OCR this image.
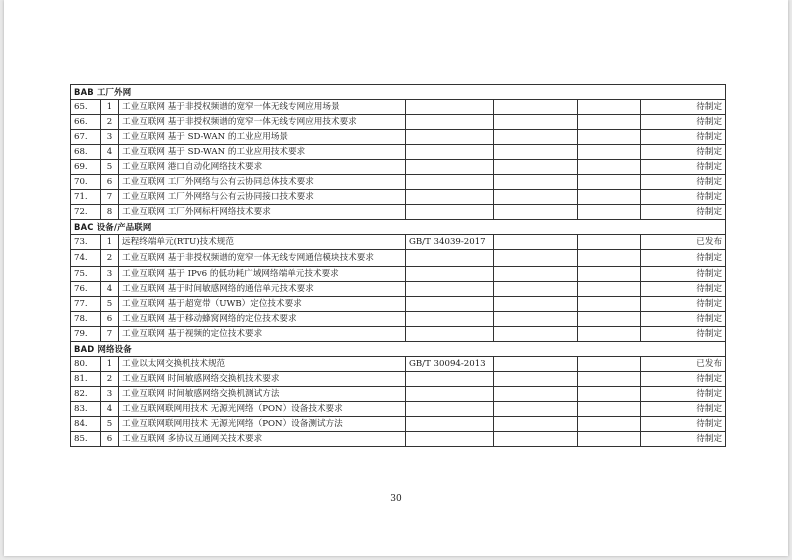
BAB 工厂外网						
65.	1	工业互联网 基于非授权频谱的宽窄一体无线专网应用场景				待制定
66.	2	工业互联网 基于非授权频谱的宽窄一体无线专网应用技术要求				待制定
67.	3	工业互联网 基于 SD-WAN 的工业应用场景				待制定
68.	4	工业互联网 基于 SD-WAN 的工业应用技术要求				待制定
69.	5	工业互联网 港口自动化网络技术要求				待制定
70.	6	工业互联网 工厂外网络与公有云协同总体技术要求				待制定
71.	7	工业互联网 工厂外网络与公有云协同接口技术要求				待制定
72.	8	工业互联网 工厂外网标杆网络技术要求				待制定
BAC 设备/产品联网						
73.	1	远程终端单元(RTU)技术规范	GB/T 34039-2017			已发布
74.	2	工业互联网 基于非授权频谱的宽窄一体无线专网通信模块技术要求				待制定
75.	3	工业互联网 基于 IPv6 的低功耗广域网络端单元技术要求				待制定
76.	4	工业互联网 基于时间敏感网络的通信单元技术要求				待制定
77.	5	工业互联网 基于超宽带（UWB）定位技术要求				待制定
78.	6	工业互联网 基于移动蜂窝网络的定位技术要求				待制定
79.	7	工业互联网 基于视频的定位技术要求				待制定
BAD 网络设备						
80.	1	工业以太网交换机技术规范	GB/T 30094-2013			已发布
81.	2	工业互联网 时间敏感网络交换机技术要求				待制定
82.	3	工业互联网 时间敏感网络交换机测试方法				待制定
83.	4	工业互联网联网用技术 无源光网络（PON）设备技术要求				待制定
84.	5	工业互联网联网用技术 无源光网络（PON）设备测试方法				待制定
85.	6	工业互联网 多协议互通网关技术要求				待制定
30
